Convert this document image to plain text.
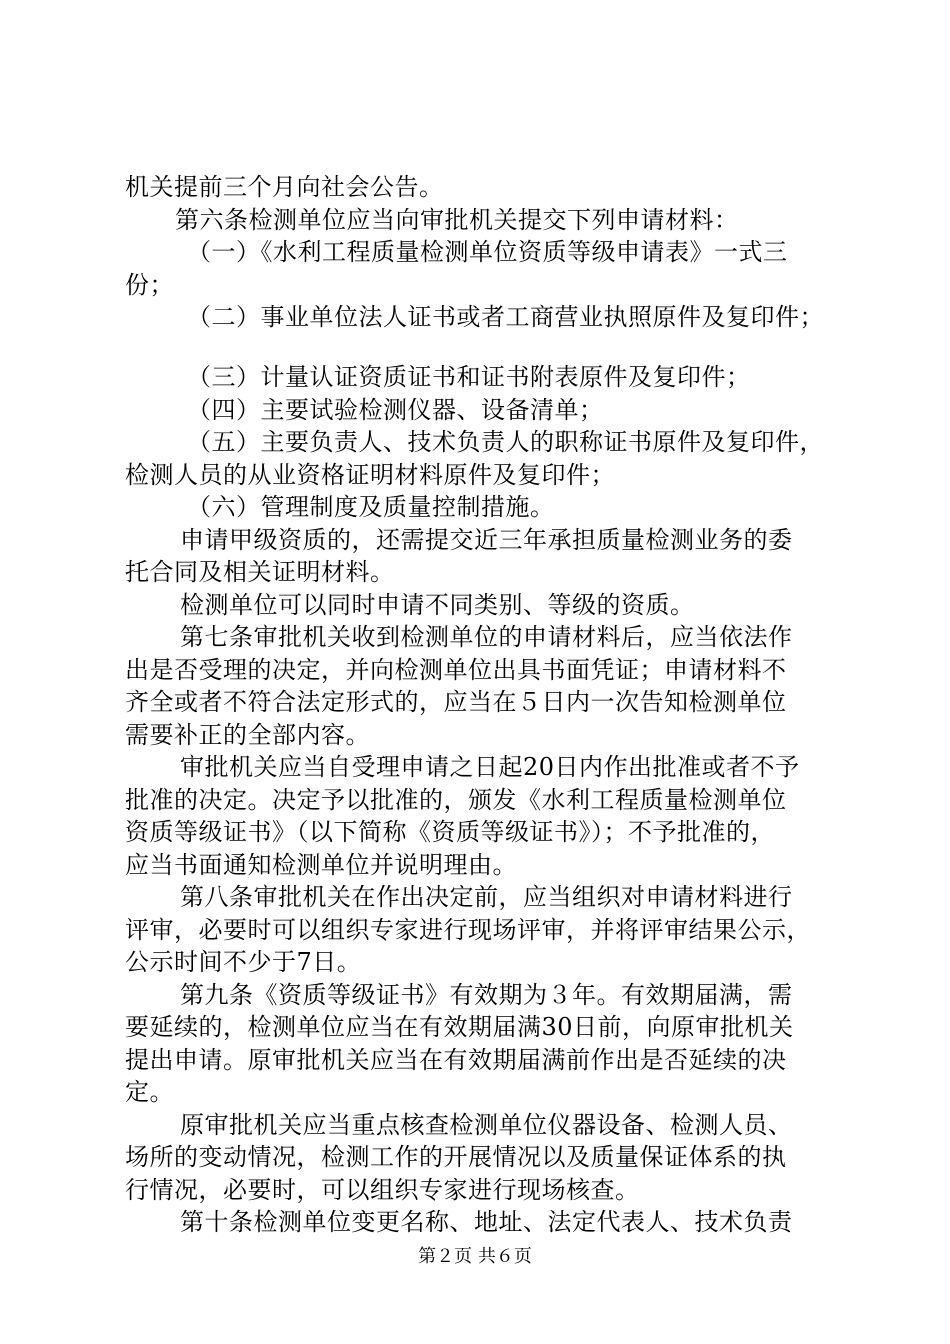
机关提前三个月向社会公告。
第六条检测单位应当向审批机关提交下列申请材料：
（一）《水利工程质量检测单位资质等级申请表》一式三
份；
（二）事业单位法人证书或者工商营业执照原件及复印件；
（三）计量认证资质证书和证书附表原件及复印件；
（四）主要试验检测仪器、设备清单；
（五）主要负责人、技术负责人的职称证书原件及复印件，
检测人员的从业资格证明材料原件及复印件；
（六）管理制度及质量控制措施。
申请甲级资质的，还需提交近三年承担质量检测业务的委
托合同及相关证明材料。
检测单位可以同时申请不同类别、等级的资质。
第七条审批机关收到检测单位的申请材料后，应当依法作
出是否受理的决定，并向检测单位出具书面凭证；申请材料不
齐全或者不符合法定形式的，应当在５日内一次告知检测单位
需要补正的全部内容。
审批机关应当自受理申请之日起20日内作出批准或者不予
批准的决定。决定予以批准的，颁发《水利工程质量检测单位
资质等级证书》（以下简称《资质等级证书》）；不予批准的，
应当书面通知检测单位并说明理由。
第八条审批机关在作出决定前，应当组织对申请材料进行
评审，必要时可以组织专家进行现场评审，并将评审结果公示，
公示时间不少于7日。
第九条《资质等级证书》有效期为３年。有效期届满，需
要延续的，检测单位应当在有效期届满30日前，向原审批机关
提出申请。原审批机关应当在有效期届满前作出是否延续的决
定。
原审批机关应当重点核查检测单位仪器设备、检测人员、
场所的变动情况，检测工作的开展情况以及质量保证体系的执
行情况，必要时，可以组织专家进行现场核查。
第十条检测单位变更名称、地址、法定代表人、技术负责
第２页 共６页
